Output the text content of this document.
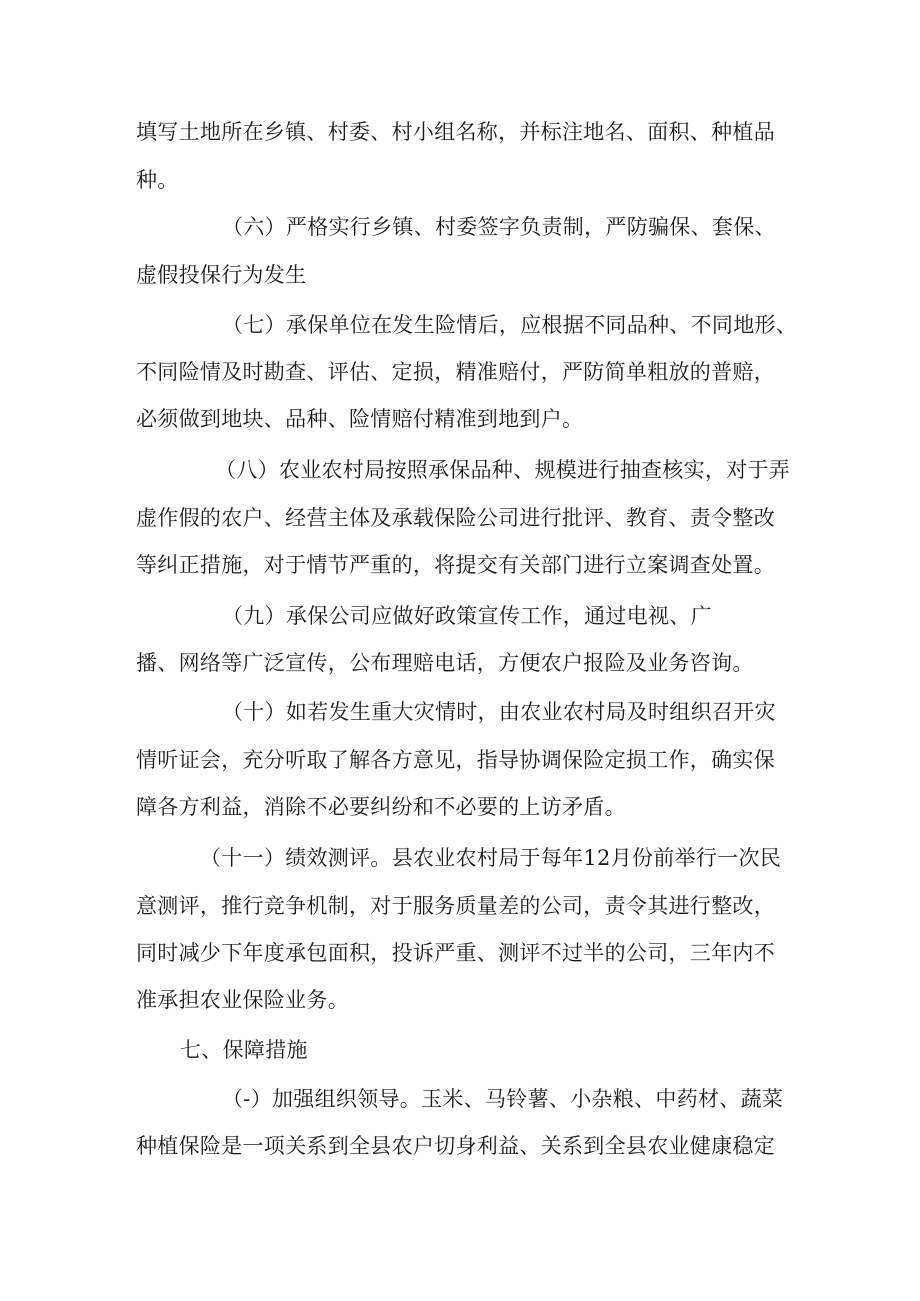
填写土地所在乡镇、村委、村小组名称，并标注地名、面积、种植品

种。

（六）严格实行乡镇、村委签字负责制，严防骗保、套保、

虚假投保行为发生

（七）承保单位在发生险情后，应根据不同品种、不同地形、

不同险情及时勘查、评估、定损，精准赔付，严防简单粗放的普赔，

必须做到地块、品种、险情赔付精准到地到户。

（八）农业农村局按照承保品种、规模进行抽查核实，对于弄

虚作假的农户、经营主体及承载保险公司进行批评、教育、责令整改

等纠正措施，对于情节严重的，将提交有关部门进行立案调查处置。

（九）承保公司应做好政策宣传工作，通过电视、广

播、网络等广泛宣传，公布理赔电话，方便农户报险及业务咨询。

（十）如若发生重大灾情时，由农业农村局及时组织召开灾

情听证会，充分听取了解各方意见，指导协调保险定损工作，确实保

障各方利益，消除不必要纠纷和不必要的上访矛盾。

（十一）绩效测评。县农业农村局于每年12月份前举行一次民

意测评，推行竞争机制，对于服务质量差的公司，责令其进行整改，

同时减少下年度承包面积，投诉严重、测评不过半的公司，三年内不

准承担农业保险业务。

七、保障措施

（-）加强组织领导。玉米、马铃薯、小杂粮、中药材、蔬菜

种植保险是一项关系到全县农户切身利益、关系到全县农业健康稳定
